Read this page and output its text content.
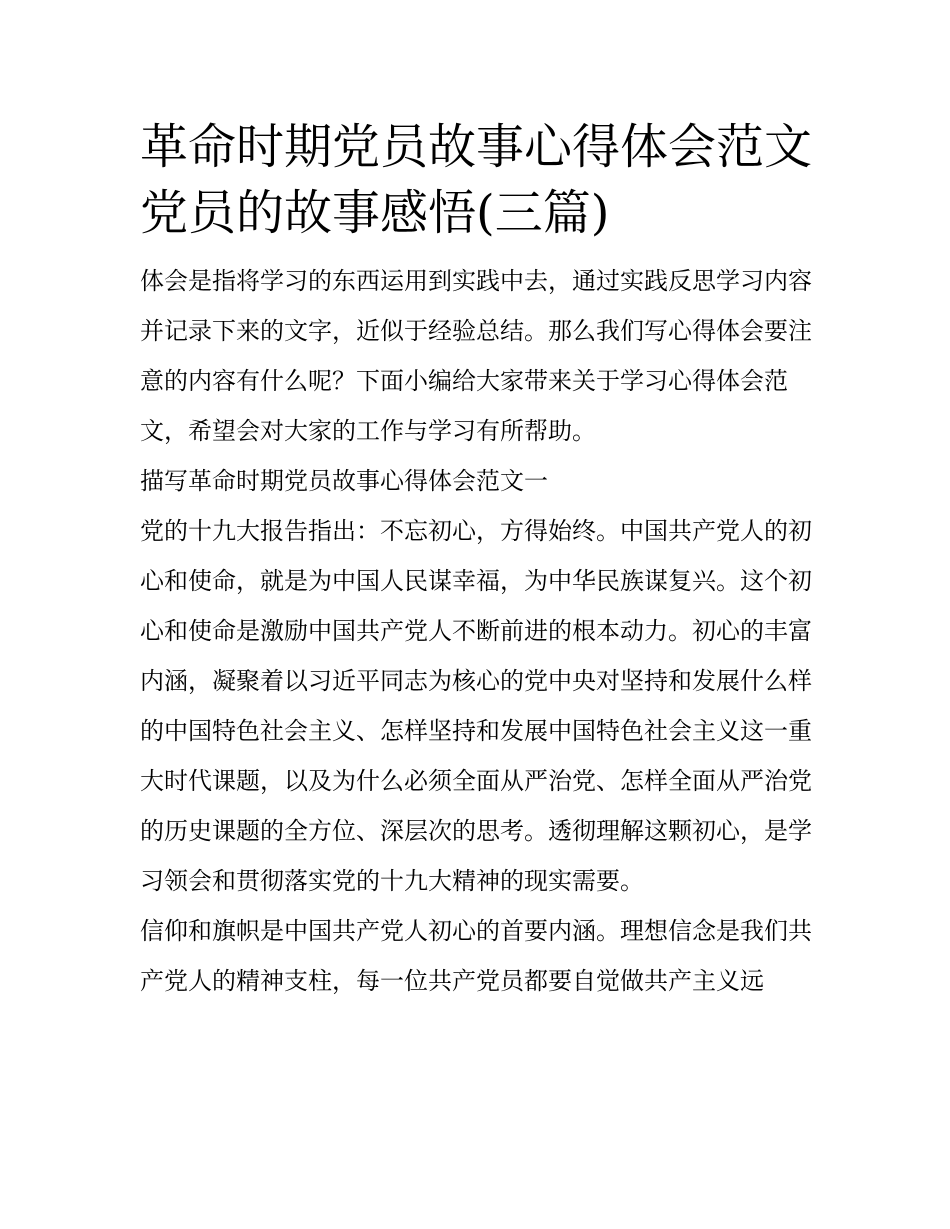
革命时期党员故事心得体会范文 党员的故事感悟(三篇)

体会是指将学习的东西运用到实践中去，通过实践反思学习内容并记录下来的文字，近似于经验总结。那么我们写心得体会要注意的内容有什么呢？下面小编给大家带来关于学习心得体会范文，希望会对大家的工作与学习有所帮助。

描写革命时期党员故事心得体会范文一

党的十九大报告指出：不忘初心，方得始终。中国共产党人的初心和使命，就是为中国人民谋幸福，为中华民族谋复兴。这个初心和使命是激励中国共产党人不断前进的根本动力。初心的丰富内涵，凝聚着以习近平同志为核心的党中央对坚持和发展什么样的中国特色社会主义、怎样坚持和发展中国特色社会主义这一重大时代课题，以及为什么必须全面从严治党、怎样全面从严治党的历史课题的全方位、深层次的思考。透彻理解这颗初心，是学习领会和贯彻落实党的十九大精神的现实需要。

信仰和旗帜是中国共产党人初心的首要内涵。理想信念是我们共产党人的精神支柱，每一位共产党员都要自觉做共产主义远
